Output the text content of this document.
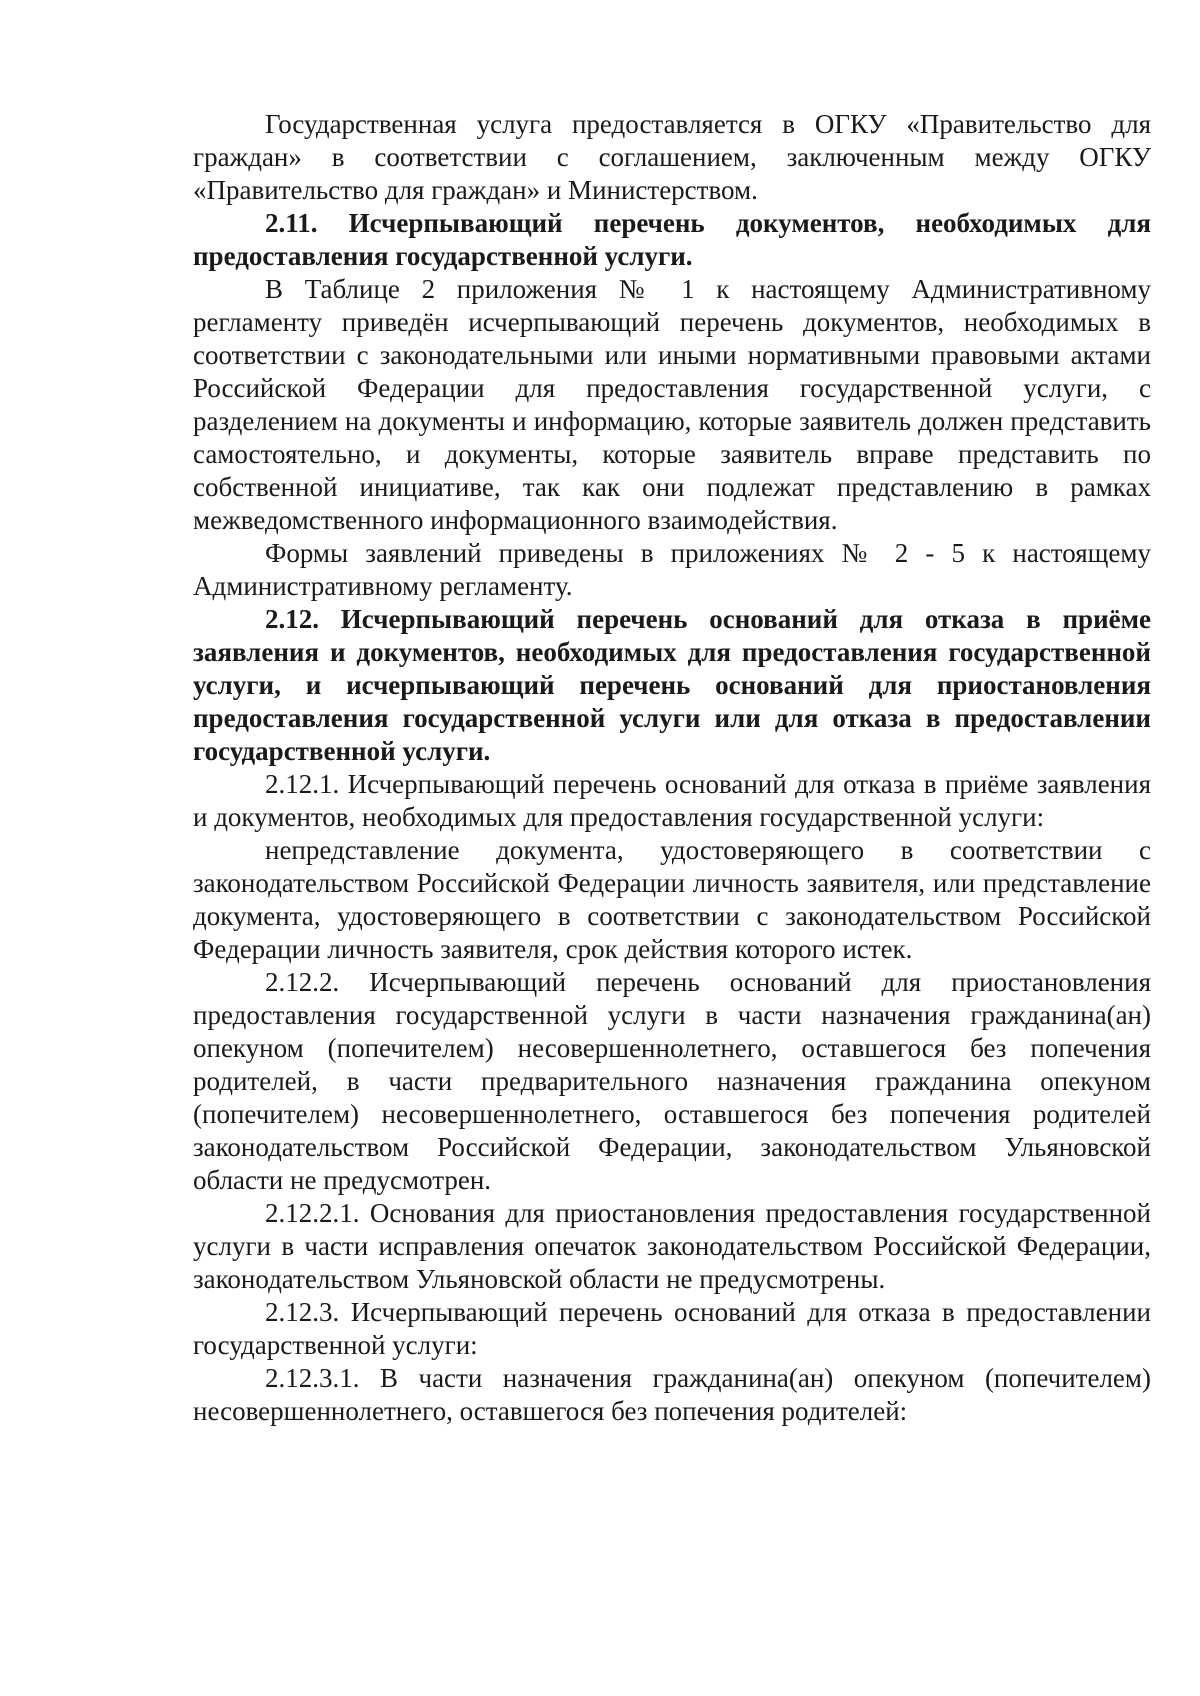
Государственная услуга предоставляется в ОГКУ «Правительство для граждан» в соответствии с соглашением, заключенным между ОГКУ «Правительство для граждан» и Министерством.

2.11. Исчерпывающий перечень документов, необходимых для предоставления государственной услуги.

В Таблице 2 приложения № 1 к настоящему Административному регламенту приведён исчерпывающий перечень документов, необходимых в соответствии с законодательными или иными нормативными правовыми актами Российской Федерации для предоставления государственной услуги, с разделением на документы и информацию, которые заявитель должен представить самостоятельно, и документы, которые заявитель вправе представить по собственной инициативе, так как они подлежат представлению в рамках межведомственного информационного взаимодействия.

Формы заявлений приведены в приложениях № 2 - 5 к настоящему Административному регламенту.

2.12. Исчерпывающий перечень оснований для отказа в приёме заявления и документов, необходимых для предоставления государственной услуги, и исчерпывающий перечень оснований для приостановления предоставления государственной услуги или для отказа в предоставлении государственной услуги.

2.12.1. Исчерпывающий перечень оснований для отказа в приёме заявления и документов, необходимых для предоставления государственной услуги:

непредставление документа, удостоверяющего в соответствии с законодательством Российской Федерации личность заявителя, или представление документа, удостоверяющего в соответствии с законодательством Российской Федерации личность заявителя, срок действия которого истек.

2.12.2. Исчерпывающий перечень оснований для приостановления предоставления государственной услуги в части назначения гражданина(ан) опекуном (попечителем) несовершеннолетнего, оставшегося без попечения родителей, в части предварительного назначения гражданина опекуном (попечителем) несовершеннолетнего, оставшегося без попечения родителей законодательством Российской Федерации, законодательством Ульяновской области не предусмотрен.

2.12.2.1. Основания для приостановления предоставления государственной услуги в части исправления опечаток законодательством Российской Федерации, законодательством Ульяновской области не предусмотрены.

2.12.3. Исчерпывающий перечень оснований для отказа в предоставлении государственной услуги:

2.12.3.1. В части назначения гражданина(ан) опекуном (попечителем) несовершеннолетнего, оставшегося без попечения родителей:
